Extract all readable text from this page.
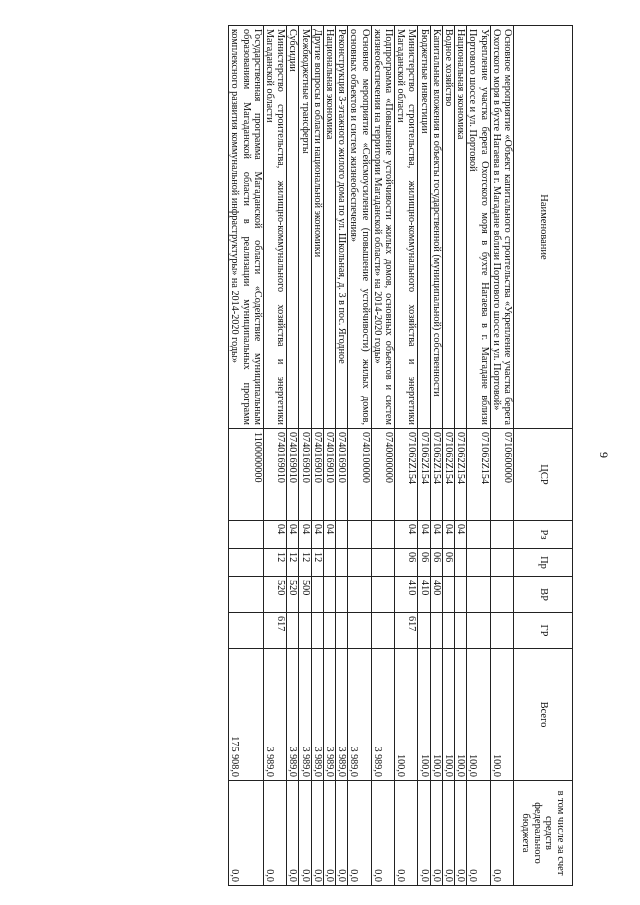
9
Наименование	ЦСР	Рз	Пр	ВР	ГР	Всего	в том числе за счет средств федерального бюджета
Основное мероприятие «Объект капитального строительства «Укрепление участка берега Охотского моря в бухте Нагаева в г. Магадане вблизи Портового шоссе и ул. Портовой»	0710600000					100,0	0,0
Укрепление участка берега Охотского моря в бухте Нагаева в г. Магадане вблизи Портового шоссе и ул. Портовой	071062Z154					100,0	0,0
Национальная экономика	071062Z154	04				100,0	0,0
Водное хозяйство	071062Z154	04	06			100,0	0,0
Капитальные вложения в объекты государственной (муниципальной) собственности	071062Z154	04	06	400		100,0	0,0
Бюджетные инвестиции	071062Z154	04	06	410		100,0	0,0
Министерство строительства, жилищно-коммунального хозяйства и энергетики Магаданской области	071062Z154	04	06	410	617	100,0	0,0
Подпрограмма «Повышение устойчивости жилых домов, основных объектов и систем жизнеобеспечения на территории Магаданской области» на 2014-2020 годы»	0740000000					3 989,0	0,0
Основное мероприятие «Сейсмоусиление (повышение устойчивости) жилых домов, основных объектов и систем жизнеобеспечения»	0740100000					3 989,0	0,0
Реконструкция 3-этажного жилого дома по ул. Школьная, д. 3 в пос. Ягодное	0740169010					3 989,0	0,0
Национальная экономика	0740169010	04				3 989,0	0,0
Другие вопросы в области национальной экономики	0740169010	04	12			3 989,0	0,0
Межбюджетные трансферты	0740169010	04	12	500		3 989,0	0,0
Субсидии	0740169010	04	12	520		3 989,0	0,0
Министерство строительства, жилищно-коммунального хозяйства и энергетики Магаданской области	0740169010	04	12	520	617	3 989,0	0,0
Государственная программа Магаданской области «Содействие муниципальным образованиям Магаданской области в реализации муниципальных программ комплексного развития коммунальной инфраструктуры» на 2014-2020 годы»	1100000000					175 908,0	0,0
